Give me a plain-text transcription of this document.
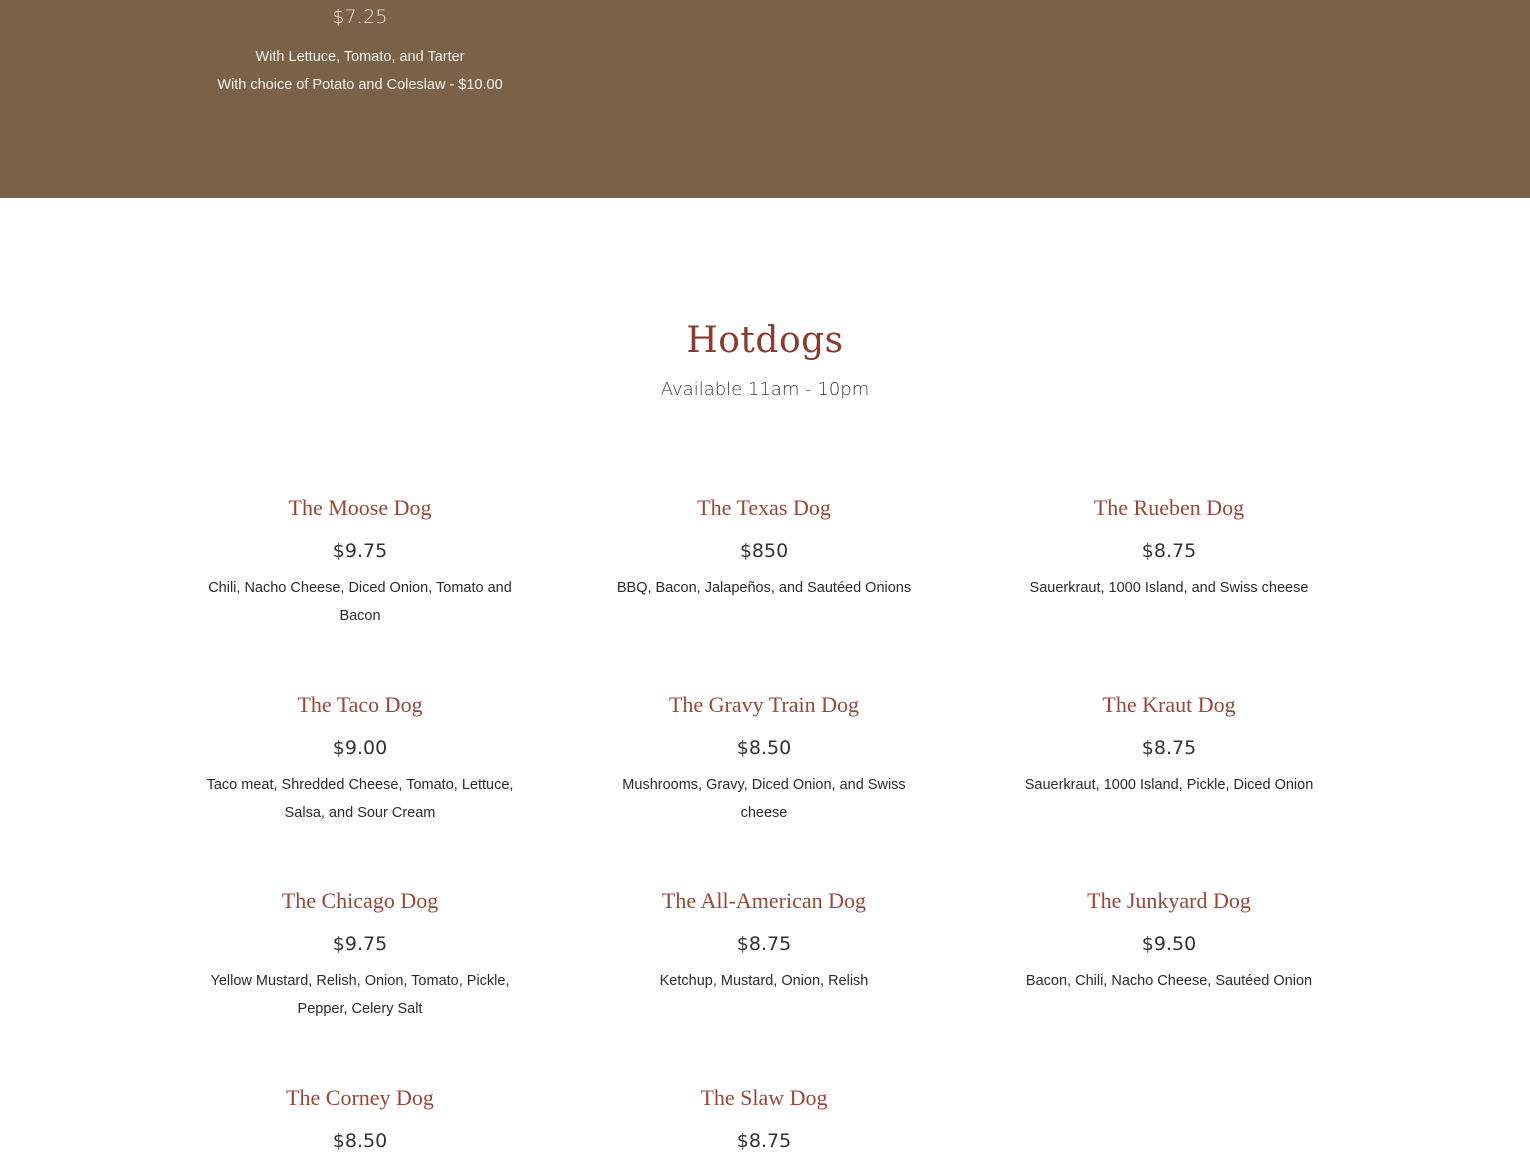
$7.25
With Lettuce, Tomato, and Tarter
With choice of Potato and Coleslaw - $10.00
Hotdogs
Available 11am - 10pm
The Moose Dog
$9.75
Chili, Nacho Cheese, Diced Onion, Tomato and Bacon
The Texas Dog
$850
BBQ, Bacon, Jalapeños, and Sautéed Onions
The Rueben Dog
$8.75
Sauerkraut, 1000 Island, and Swiss cheese
The Taco Dog
$9.00
Taco meat, Shredded Cheese, Tomato, Lettuce, Salsa, and Sour Cream
The Gravy Train Dog
$8.50
Mushrooms, Gravy, Diced Onion, and Swiss cheese
The Kraut Dog
$8.75
Sauerkraut, 1000 Island, Pickle, Diced Onion
The Chicago Dog
$9.75
Yellow Mustard, Relish, Onion, Tomato, Pickle, Pepper, Celery Salt
The All-American Dog
$8.75
Ketchup, Mustard, Onion, Relish
The Junkyard Dog
$9.50
Bacon, Chili, Nacho Cheese, Sautéed Onion
The Corney Dog
$8.50
The Slaw Dog
$8.75
